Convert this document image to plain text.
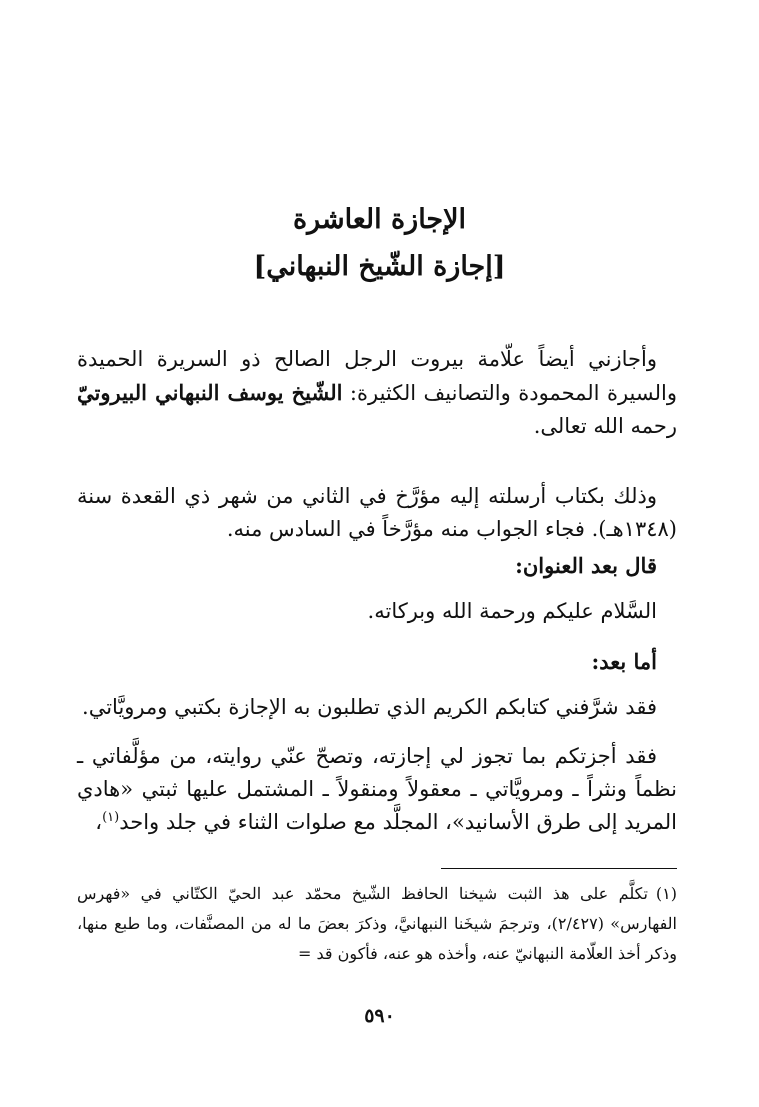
الإجازة العاشرة
[إجازة الشّيخ النبهاني]

وأجازني أيضاً علّامة بيروت الرجل الصالح ذو السريرة الحميدة والسيرة المحمودة والتصانيف الكثيرة: الشّيخ يوسف النبهاني البيروتيّ رحمه الله تعالى.

وذلك بكتاب أرسلته إليه مؤرَّخ في الثاني من شهر ذي القعدة سنة (١٣٤٨هـ). فجاء الجواب منه مؤرَّخاً في السادس منه.

قال بعد العنوان:

السَّلام عليكم ورحمة الله وبركاته.

أما بعد:

فقد شرَّفني كتابكم الكريم الذي تطلبون به الإجازة بكتبي ومرويَّاتي.

فقد أجزتكم بما تجوز لي إجازته، وتصحّ عنّي روايته، من مؤلَّفاتي ـ نظماً ونثراً ـ ومرويَّاتي ـ معقولاً ومنقولاً ـ المشتمل عليها ثبتي «هادي المريد إلى طرق الأسانيد»، المجلَّد مع صلوات الثناء في جلد واحد$^{(١)}$،

(١)تكلَّم على هذ الثبت شيخنا الحافظ الشّيخ محمّد عبد الحيّ الكتّاني في «فهرس الفهارس» (٢/٤٢٧)، وترجمَ شيخَنا النبهانيَّ، وذكرَ بعضَ ما له من المصنَّفات، وما طبع منها، وذكر أخذ العلّامة النبهانيّ عنه، وأخذه هو عنه، فأكون قد =

٥٩٠
